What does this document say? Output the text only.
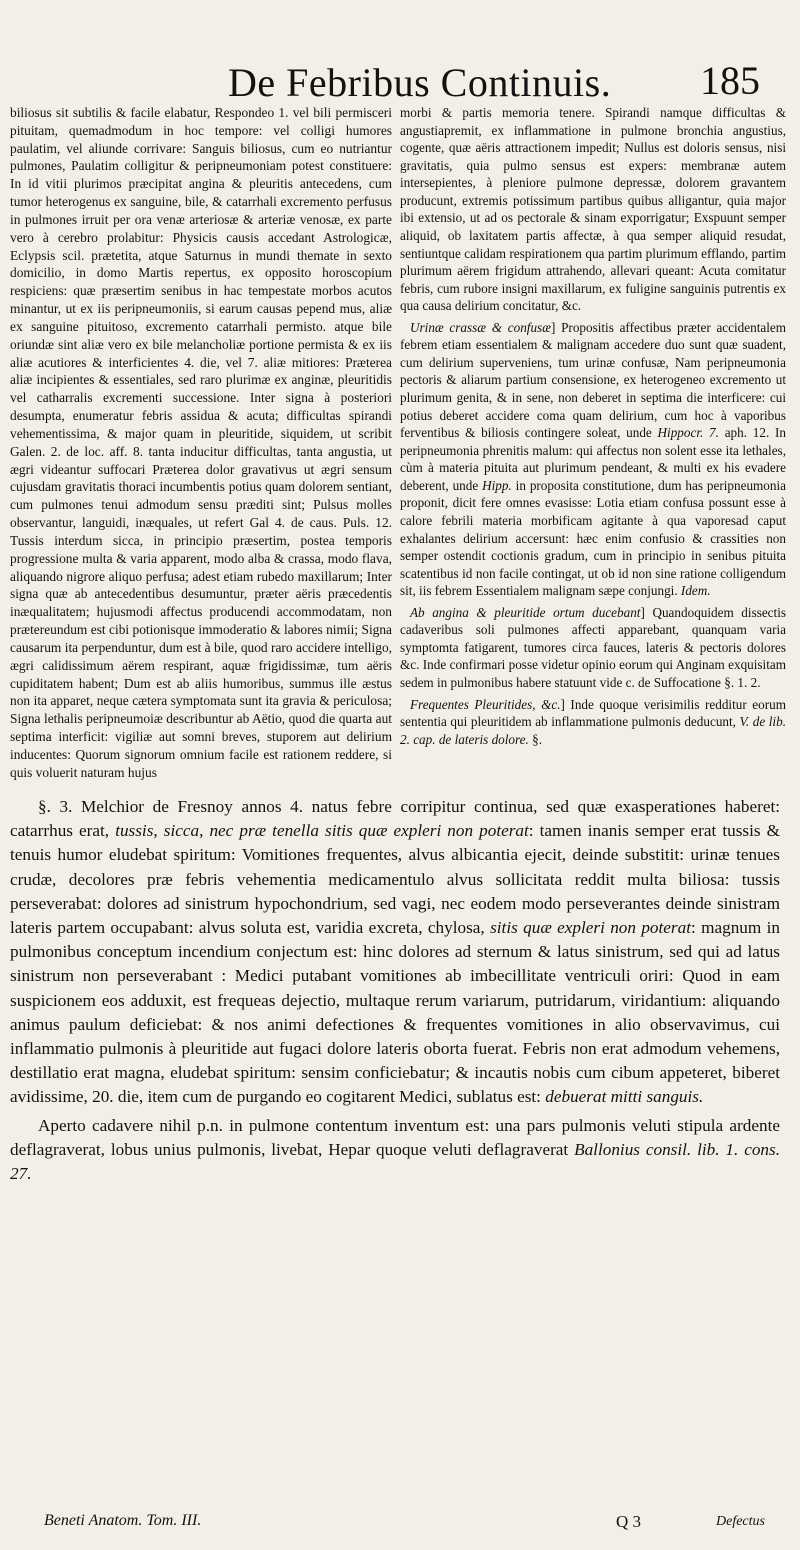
De Febribus Continuis. 185

biliosus sit subtilis & facile elabatur, Respondeo 1. vel bili permisceri pituitam, quemadmodum in hoc tempore: vel colligi humores paulatim, vel aliunde corrivare: Sanguis biliosus, cum eo nutriantur pulmones, Paulatim colligitur & peripneumoniam potest constituere: In id vitii plurimos præcipitat angina & pleuritis antecedens, cum tumor heterogenus ex sanguine, bile, & catarrhali excremento perfusus in pulmones irruit per ora venæ arteriosæ & arteriæ venosæ, ex parte vero à cerebro prolabitur: Physicis causis accedant Astrologicæ, Eclypsis scil. prætetita, atque Saturnus in mundi themate in sexto domicilio, in domo Martis repertus, ex opposito horoscopium respiciens: quæ præsertim senibus in hac tempestate morbos acutos minantur, ut ex iis peripneumoniis, si earum causas pepend mus, aliæ ex sanguine pituitoso, excremento catarrhali permisto. atque bile oriundæ sint aliæ vero ex bile melancholiæ portione permista & ex iis aliæ acutiores & interficientes 4. die, vel 7. aliæ mitiores: Præterea aliæ incipientes & essentiales, sed raro plurimæ ex anginæ, pleuritidis vel catharralis excrementi successione. Inter signa à posteriori desumpta, enumeratur febris assidua & acuta; difficultas spirandi vehementissima, & major quam in pleuritide, siquidem, ut scribit Galen. 2. de loc. aff. 8. tanta inducitur difficultas, tanta angustia, ut ægri videantur suffocari Præterea dolor gravativus ut ægri sensum cujusdam gravitatis thoraci incumbentis potius quam dolorem sentiant, cum pulmones tenui admodum sensu præditi sint; Pulsus molles observantur, languidi, inæquales, ut refert Gal 4. de caus. Puls. 12. Tussis interdum sicca, in principio præsertim, postea temporis progressione multa & varia apparent, modo alba & crassa, modo flava, aliquando nigrore aliquo perfusa; adest etiam rubedo maxillarum; Inter signa quæ ab antecedentibus desumuntur, præter aëris præcedentis inæqualitatem; hujusmodi affectus producendi accommodatam, non prætereundum est cibi potionisque immoderatio & labores nimii; Signa causarum ita perpenduntur, dum est à bile, quod raro accidere intelligo, ægri calidissimum aërem respirant, aquæ frigidissimæ, tum aëris cupiditatem habent; Dum est ab aliis humoribus, summus ille æstus non ita apparet, neque cætera symptomata sunt ita gravia & periculosa; Signa lethalis peripneumoiæ describuntur ab Aëtio, quod die quarta aut septima interficit: vigiliæ aut somni breves, stuporem aut delirium inducentes: Quorum signorum omnium facile est rationem reddere, si quis voluerit naturam hujus

morbi & partis memoria tenere. Spirandi namque difficultas & angustiapremit, ex inflammatione in pulmone bronchia angustius, cogente, quæ aëris attractionem impedit; Nullus est doloris sensus, nisi gravitatis, quia pulmo sensus est expers: membranæ autem intersepientes, à pleniore pulmone depressæ, dolorem gravantem producunt, extremis potissimum partibus quibus alligantur, quia major ibi extensio, ut ad os pectorale & sinam exporrigatur; Exspuunt semper aliquid, ob laxitatem partis affectæ, à qua semper aliquid resudat, sentiuntque calidam respirationem qua partim plurimum efflando, partim plurimum aërem frigidum attrahendo, allevari queant: Acuta comitatur febris, cum rubore insigni maxillarum, ex fuligine sanguinis putrentis ex qua causa delirium concitatur, &c.

Urinæ crassæ & confusæ] Propositis affectibus præter accidentalem febrem etiam essentialem & malignam accedere duo sunt quæ suadent, cum delirium superveniens, tum urinæ confusæ, Nam peripneumonia pectoris & aliarum partium consensione, ex heterogeneo excremento ut plurimum genita, & in sene, non deberet in septima die interficere: cui potius deberet accidere coma quam delirium, cum hoc à vaporibus ferventibus & biliosis contingere soleat, unde Hippocr. 7. aph. 12. In peripneumonia phrenitis malum: qui affectus non solent esse ita lethales, cùm à materia pituita aut plurimum pendeant, & multi ex his evadere deberent, unde Hipp. in proposita constitutione, dum has peripneumonia proponit, dicit fere omnes evasisse: Lotia etiam confusa possunt esse à calore febrili materia morbificam agitante à qua vaporesad caput exhalantes delirium accersunt: hæc enim confusio & crassities non semper ostendit coctionis gradum, cum in principio in senibus pituita scatentibus id non facile contingat, ut ob id non sine ratione colligendum sit, iis febrem Essentialem malignam sæpe conjungi. Idem.

Ab angina & pleuritide ortum ducebant] Quandoquidem dissectis cadaveribus soli pulmones affecti apparebant, quanquam varia symptomta fatigarent, tumores circa fauces, lateris & pectoris dolores &c. Inde confirmari posse videtur opinio eorum qui Anginam exquisitam sedem in pulmonibus habere statuunt vide c. de Suffocatione §. 1. 2.

Frequentes Pleuritides, &c.] Inde quoque verisimilis redditur eorum sententia qui pleuritidem ab inflammatione pulmonis deducunt, V. de lib. 2. cap. de lateris dolore. §.

§. 3. Melchior de Fresnoy annos 4. natus febre corripitur continua, sed quæ exasperationes haberet: catarrhus erat, tussis, sicca, nec præ tenella sitis quæ expleri non poterat: tamen inanis semper erat tussis & tenuis humor eludebat spiritum: Vomitiones frequentes, alvus albicantia ejecit, deinde substitit: urinæ tenues crudæ, decolores præ febris vehementia medicamentulo alvus sollicitata reddit multa biliosa: tussis perseverabat: dolores ad sinistrum hypochondrium, sed vagi, nec eodem modo perseverantes deinde sinistram lateris partem occupabant: alvus soluta est, varidia excreta, chylosa, sitis quæ expleri non poterat: magnum in pulmonibus conceptum incendium conjectum est: hinc dolores ad sternum & latus sinistrum, sed qui ad latus sinistrum non perseverabant : Medici putabant vomitiones ab imbecillitate ventriculi oriri: Quod in eam suspicionem eos adduxit, est frequeas dejectio, multaque rerum variarum, putridarum, viridantium: aliquando animus paulum deficiebat: & nos animi defectiones & frequentes vomitiones in alio observavimus, cui inflammatio pulmonis à pleuritide aut fugaci dolore lateris oborta fuerat. Febris non erat admodum vehemens, destillatio erat magna, eludebat spiritum: sensim conficiebatur; & incautis nobis cum cibum appeteret, biberet avidissime, 20. die, item cum de purgando eo cogitarent Medici, sublatus est: debuerat mitti sanguis.

Aperto cadavere nihil p.n. in pulmone contentum inventum est: una pars pulmonis veluti stipula ardente deflagraverat, lobus unius pulmonis, livebat, Hepar quoque veluti deflagraverat Ballonius consil. lib. 1. cons. 27.

Beneti Anatom. Tom. III.	Q 3	Defectus
